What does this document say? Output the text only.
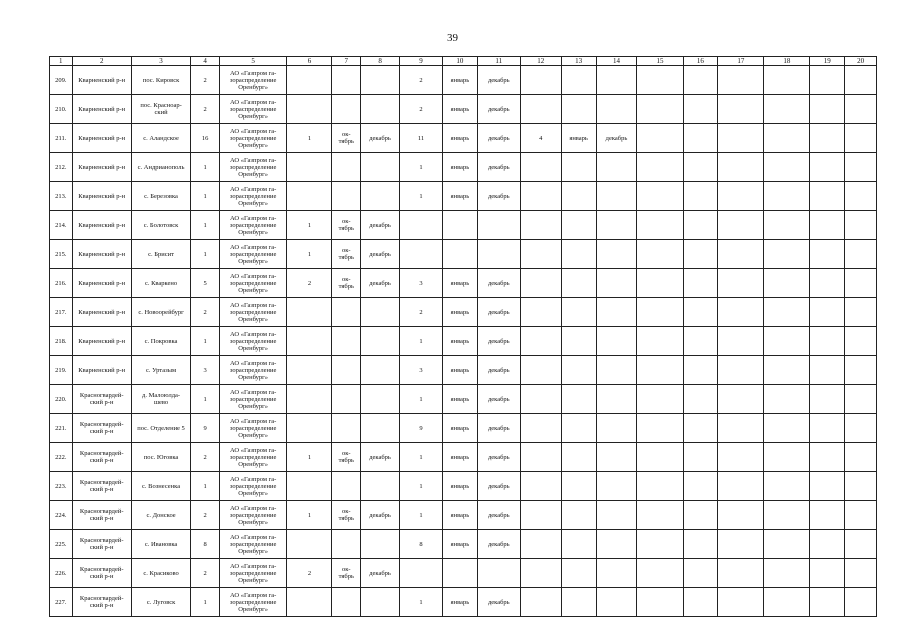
39
1	2	3	4	5	6	7	8	9	10	11	12	13	14	15	16	17	18	19	20
209.	Кварненский р-н	пос. Кировск	2	АО «Газпром га-
зораспределение
Оренбург»				2	январь	декабрь									
210.	Кварненский р-н	пос. Красноар-
ский	2	АО «Газпром га-
зораспределение
Оренбург»				2	январь	декабрь									
211.	Кварненский р-н	с. Аландское	16	АО «Газпром га-
зораспределение
Оренбург»	1	ок-
тябрь	декабрь	11	январь	декабрь	4	январь	декабрь						
212.	Кварненский р-н	с. Андрианополь	1	АО «Газпром га-
зораспределение
Оренбург»				1	январь	декабрь									
213.	Кварненский р-н	с. Березовка	1	АО «Газпром га-
зораспределение
Оренбург»				1	январь	декабрь									
214.	Кварненский р-н	с. Болотовск	1	АО «Газпром га-
зораспределение
Оренбург»	1	ок-
тябрь	декабрь												
215.	Кварненский р-н	с. Брисит	1	АО «Газпром га-
зораспределение
Оренбург»	1	ок-
тябрь	декабрь												
216.	Кварненский р-н	с. Кваркено	5	АО «Газпром га-
зораспределение
Оренбург»	2	ок-
тябрь	декабрь	3	январь	декабрь									
217.	Кварненский р-н	с. Новоорейбург	2	АО «Газпром га-
зораспределение
Оренбург»				2	январь	декабрь									
218.	Кварненский р-н	с. Покровка	1	АО «Газпром га-
зораспределение
Оренбург»				1	январь	декабрь									
219.	Кварненский р-н	с. Уртазым	3	АО «Газпром га-
зораспределение
Оренбург»				3	январь	декабрь									
220.	Красногвардей-
ский р-н	д. Малоюлда-
шево	1	АО «Газпром га-
зораспределение
Оренбург»				1	январь	декабрь									
221.	Красногвардей-
ский р-н	пос. Отделение 5	9	АО «Газпром га-
зораспределение
Оренбург»				9	январь	декабрь									
222.	Красногвардей-
ский р-н	пос. Юговка	2	АО «Газпром га-
зораспределение
Оренбург»	1	ок-
тябрь	декабрь	1	январь	декабрь									
223.	Красногвардей-
ский р-н	с. Вознесенка	1	АО «Газпром га-
зораспределение
Оренбург»				1	январь	декабрь									
224.	Красногвардей-
ский р-н	с. Донское	2	АО «Газпром га-
зораспределение
Оренбург»	1	ок-
тябрь	декабрь	1	январь	декабрь									
225.	Красногвардей-
ский р-н	с. Ивановка	8	АО «Газпром га-
зораспределение
Оренбург»				8	январь	декабрь									
226.	Красногвардей-
ский р-н	с. Красиково	2	АО «Газпром га-
зораспределение
Оренбург»	2	ок-
тябрь	декабрь												
227.	Красногвардей-
ский р-н	с. Луговск	1	АО «Газпром га-
зораспределение
Оренбург»				1	январь	декабрь									
